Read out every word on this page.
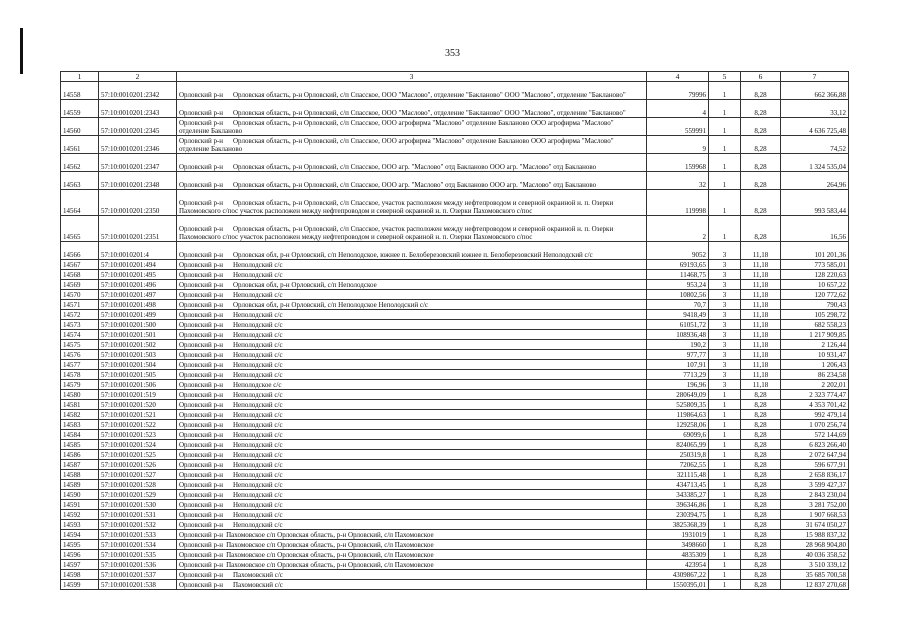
353
1	2	3	4	5	6	7
14558	57:10:0010201:2342	Орловский р-н Орловская область, р-н Орловский, с/п Спасское, ООО "Маслово", отделение "Бакланово" ООО "Маслово", отделение "Бакланово"	79996	1	8,28	662 366,88
14559	57:10:0010201:2343	Орловский р-н Орловская область, р-н Орловский, с/п Спасское, ООО "Маслово", отделение "Бакланово" ООО "Маслово", отделение "Бакланово"	4	1	8,28	33,12
14560	57:10:0010201:2345	Орловский р-н Орловская область, р-н Орловский, с/п Спасское, ООО агрофирма "Маслово" отделение Бакланово ООО агрофирма "Маслово" отделение Бакланово	559991	1	8,28	4 636 725,48
14561	57:10:0010201:2346	Орловский р-н Орловская область, р-н Орловский, с/п Спасское, ООО агрофирма "Маслово" отделение Бакланово ООО агрофирма "Маслово" отделение Бакланово	9	1	8,28	74,52
14562	57:10:0010201:2347	Орловский р-н Орловская область, р-н Орловский, с/п Спасское, ООО агр. "Маслово" отд Бакланово ООО агр. "Маслово" отд Бакланово	159968	1	8,28	1 324 535,04
14563	57:10:0010201:2348	Орловский р-н Орловская область, р-н Орловский, с/п Спасское, ООО агр. "Маслово" отд Бакланово ООО агр. "Маслово" отд Бакланово	32	1	8,28	264,96
14564	57:10:0010201:2350	Орловский р-н Орловская область, р-н Орловский, с/п Спасское, участок расположен между нефтепроводом и северной окраиной н. п. Озерки Пахомовского с/пос участок расположен между нефтепроводом и северной окраиной н. п. Озерки Пахомовского с/пос	119998	1	8,28	993 583,44
14565	57:10:0010201:2351	Орловский р-н Орловская область, р-н Орловский, с/п Спасское, участок расположен между нефтепроводом и северной окраиной н. п. Озерки Пахомовского с/пос участок расположен между нефтепроводом и северной окраиной н. п. Озерки Пахомовского с/пос	2	1	8,28	16,56
14566	57:10:0010201:4	Орловский р-н Орловская обл, р-н Орловский, с/п Неполодское, южнее п. Белоберезовский южнее п. Белоберезовский Неполодский с/с	9052	3	11,18	101 201,36
14567	57:10:0010201:494	Орловский р-н Неполодский с/с	69193,65	3	11,18	773 585,01
14568	57:10:0010201:495	Орловский р-н Неполодский с/с	11468,75	3	11,18	128 220,63
14569	57:10:0010201:496	Орловский р-н Орловская обл, р-н Орловский, с/п Неполодское	953,24	3	11,18	10 657,22
14570	57:10:0010201:497	Орловский р-н Неполодский с/с	10802,56	3	11,18	120 772,62
14571	57:10:0010201:498	Орловский р-н Орловская обл, р-н Орловский, с/п Неполодское Неполодский с/с	70,7	3	11,18	790,43
14572	57:10:0010201:499	Орловский р-н Неполодский с/с	9418,49	3	11,18	105 298,72
14573	57:10:0010201:500	Орловский р-н Неполодский с/с	61051,72	3	11,18	682 558,23
14574	57:10:0010201:501	Орловский р-н Неполодский с/с	108936,48	3	11,18	1 217 909,85
14575	57:10:0010201:502	Орловский р-н Неполодский с/с	190,2	3	11,18	2 126,44
14576	57:10:0010201:503	Орловский р-н Неполодский с/с	977,77	3	11,18	10 931,47
14577	57:10:0010201:504	Орловский р-н Неполодский с/с	107,91	3	11,18	1 206,43
14578	57:10:0010201:505	Орловский р-н Неполодский с/с	7713,29	3	11,18	86 234,58
14579	57:10:0010201:506	Орловский р-н Неполодское с/с	196,96	3	11,18	2 202,01
14580	57:10:0010201:519	Орловский р-н Неполодский с/с	280649,09	1	8,28	2 323 774,47
14581	57:10:0010201:520	Орловский р-н Неполодский с/с	525809,35	1	8,28	4 353 701,42
14582	57:10:0010201:521	Орловский р-н Неполодский с/с	119864,63	1	8,28	992 479,14
14583	57:10:0010201:522	Орловский р-н Неполодский с/с	129258,06	1	8,28	1 070 256,74
14584	57:10:0010201:523	Орловский р-н Неполодский с/с	69099,6	1	8,28	572 144,69
14585	57:10:0010201:524	Орловский р-н Неполодский с/с	824065,99	1	8,28	6 823 266,40
14586	57:10:0010201:525	Орловский р-н Неполодский с/с	250319,8	1	8,28	2 072 647,94
14587	57:10:0010201:526	Орловский р-н Неполодский с/с	72062,55	1	8,28	596 677,91
14588	57:10:0010201:527	Орловский р-н Неполодский с/с	321115,48	1	8,28	2 658 836,17
14589	57:10:0010201:528	Орловский р-н Неполодский с/с	434713,45	1	8,28	3 599 427,37
14590	57:10:0010201:529	Орловский р-н Неполодский с/с	343385,27	1	8,28	2 843 230,04
14591	57:10:0010201:530	Орловский р-н Неполодский с/с	396346,86	1	8,28	3 281 752,00
14592	57:10:0010201:531	Орловский р-н Неполодский с/с	230394,75	1	8,28	1 907 668,53
14593	57:10:0010201:532	Орловский р-н Неполодский с/с	3825368,39	1	8,28	31 674 050,27
14594	57:10:0010201:533	Орловский р-н Пахомовское с/п Орловская область, р-н Орловский, с/п Пахомовское	1931019	1	8,28	15 988 837,32
14595	57:10:0010201:534	Орловский р-н Пахомовское с/п Орловская область, р-н Орловский, с/п Пахомовское	3498660	1	8,28	28 968 904,80
14596	57:10:0010201:535	Орловский р-н Пахомовское с/п Орловская область, р-н Орловский, с/п Пахомовское	4835309	1	8,28	40 036 358,52
14597	57:10:0010201:536	Орловский р-н Пахомовское с/п Орловская область, р-н Орловский, с/п Пахомовское	423954	1	8,28	3 510 339,12
14598	57:10:0010201:537	Орловский р-н Пахомовский с/с	4309867,22	1	8,28	35 685 700,58
14599	57:10:0010201:538	Орловский р-н Пахомовский с/с	1550395,01	1	8,28	12 837 270,68
